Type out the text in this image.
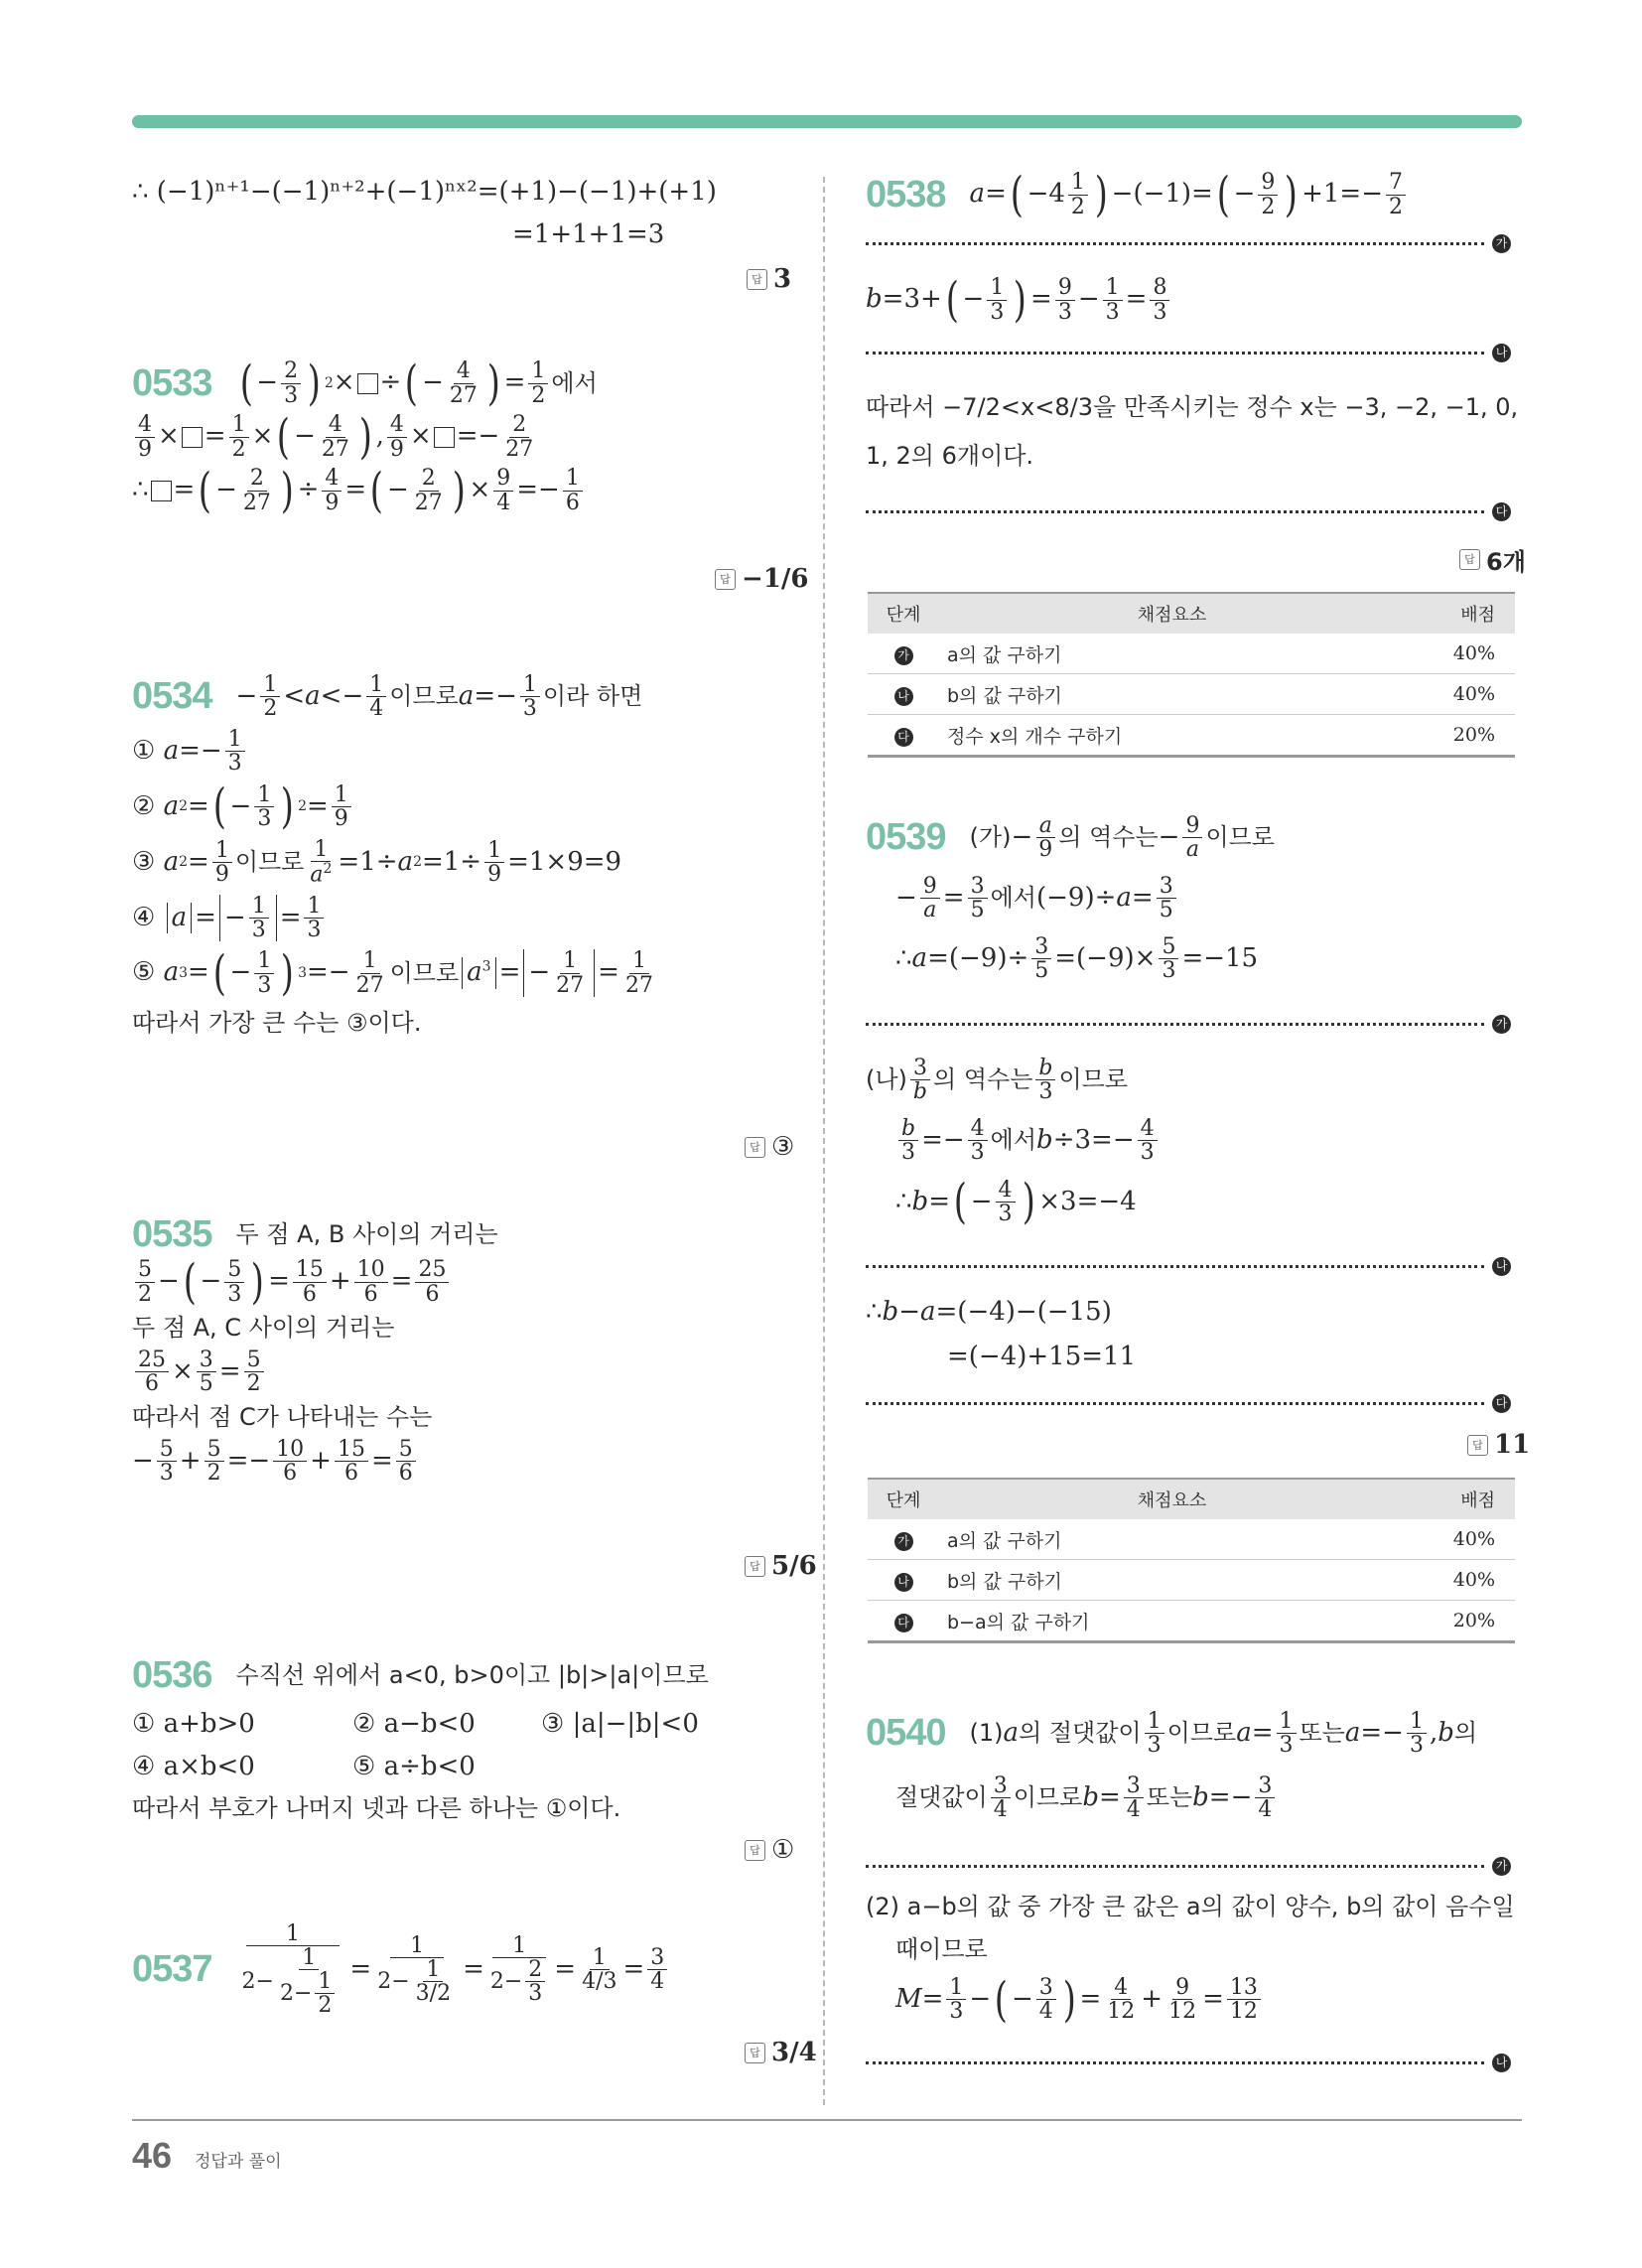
∴ (−1)ⁿ⁺¹−(−1)ⁿ⁺²+(−1)ⁿˣ²=(+1)−(−1)+(+1)
=1+1+1=3
답 3
0533 ( − 2
3 ) 2 × ÷ ( − 4
27 ) = 1
2 에서
4
9 × = 1
2 × ( − 4
27 ) , 4
9 × =− 2
27
∴
= ( − 2
27 ) ÷ 4
9 = ( − 2
27 ) × 9
4 =− 1
6
답 −1/6
0534 − 1
2 < a <− 1
4 이므로 a =− 1
3 이라 하면
①
a =− 1
3
②
a 2 = ( − 1
3 ) 2 = 1
9
③
a 2 = 1
9 이므로 1
$a^2 =1\div a$ 2 =1÷ 1
9 =1×9=9
④
a = − 1
3 = 1
3
⑤
a 3 = ( − 1
3 ) 3 =− 1
27 이므로 $a^3$ = − 1
27 = 1
27
따라서 가장 큰 수는 ③이다.
답 ③
0535 두 점 A, B 사이의 거리는
5
2 − ( − 5
3 ) = 15
6 + 10
6 = 25
6
두 점 A, C 사이의 거리는
25
6 × 3
5 = 5
2
따라서 점 C가 나타내는 수는
− 5
3 + 5
2 =− 10
6 + 15
6 = 5
6
답 5/6
0536 수직선 위에서 a<0, b>0이고 |b|>|a|이므로
① a+b>0	② a−b<0	③ |a|−|b|<0
④ a×b<0	⑤ a÷b<0
따라서 부호가 나머지 넷과 다른 하나는 ①이다.
답 ①
0537
1
2−
1
2− 1
2
=
1
2− 1
3/2
=
1
2− 2
3
= 1
4/3 = 3
4
답 3/4
0538 a = ( −4 1
2 ) −(−1)= ( − 9
2 ) +1=− 7
2
가
b =3+ ( − 1
3 ) = 9
3 − 1
3 = 8
3
나
따라서 −7/2<x<8/3을 만족시키는 정수 x는 −3, −2, −1, 0,
1, 2의 6개이다.
다
답 6개
단계	채점요소	배점
가	a의 값 구하기	40%
나	b의 값 구하기	40%
다	정수 x의 개수 구하기	20%
0539 (가) − a
9 의 역수는 − 9
a 이므로
− 9
a = 3
5 에서 (−9)÷ a = 3
5
∴ a =(−9)÷ 3
5 =(−9)× 5
3 =−15
가
(나) 3
b 의 역수는 b
3 이므로
b
3 =− 4
3 에서 b ÷3=− 4
3
∴ b = ( − 4
3 ) ×3=−4
나
∴ b − a =(−4)−(−15)
=(−4)+15=11
다
답 11
단계	채점요소	배점
가	a의 값 구하기	40%
나	b의 값 구하기	40%
다	b−a의 값 구하기	20%
0540 (1) a 의 절댓값이 1
3 이므로 a = 1
3 또는 a =− 1
3 , b 의
절댓값이 3
4 이므로 b = 3
4 또는 b =− 3
4
가
(2) a−b의 값 중 가장 큰 값은 a의 값이 양수, b의 값이 음수일
때이므로
M = 1
3 − ( − 3
4 ) = 4
12 + 9
12 = 13
12
나
46 정답과 풀이
